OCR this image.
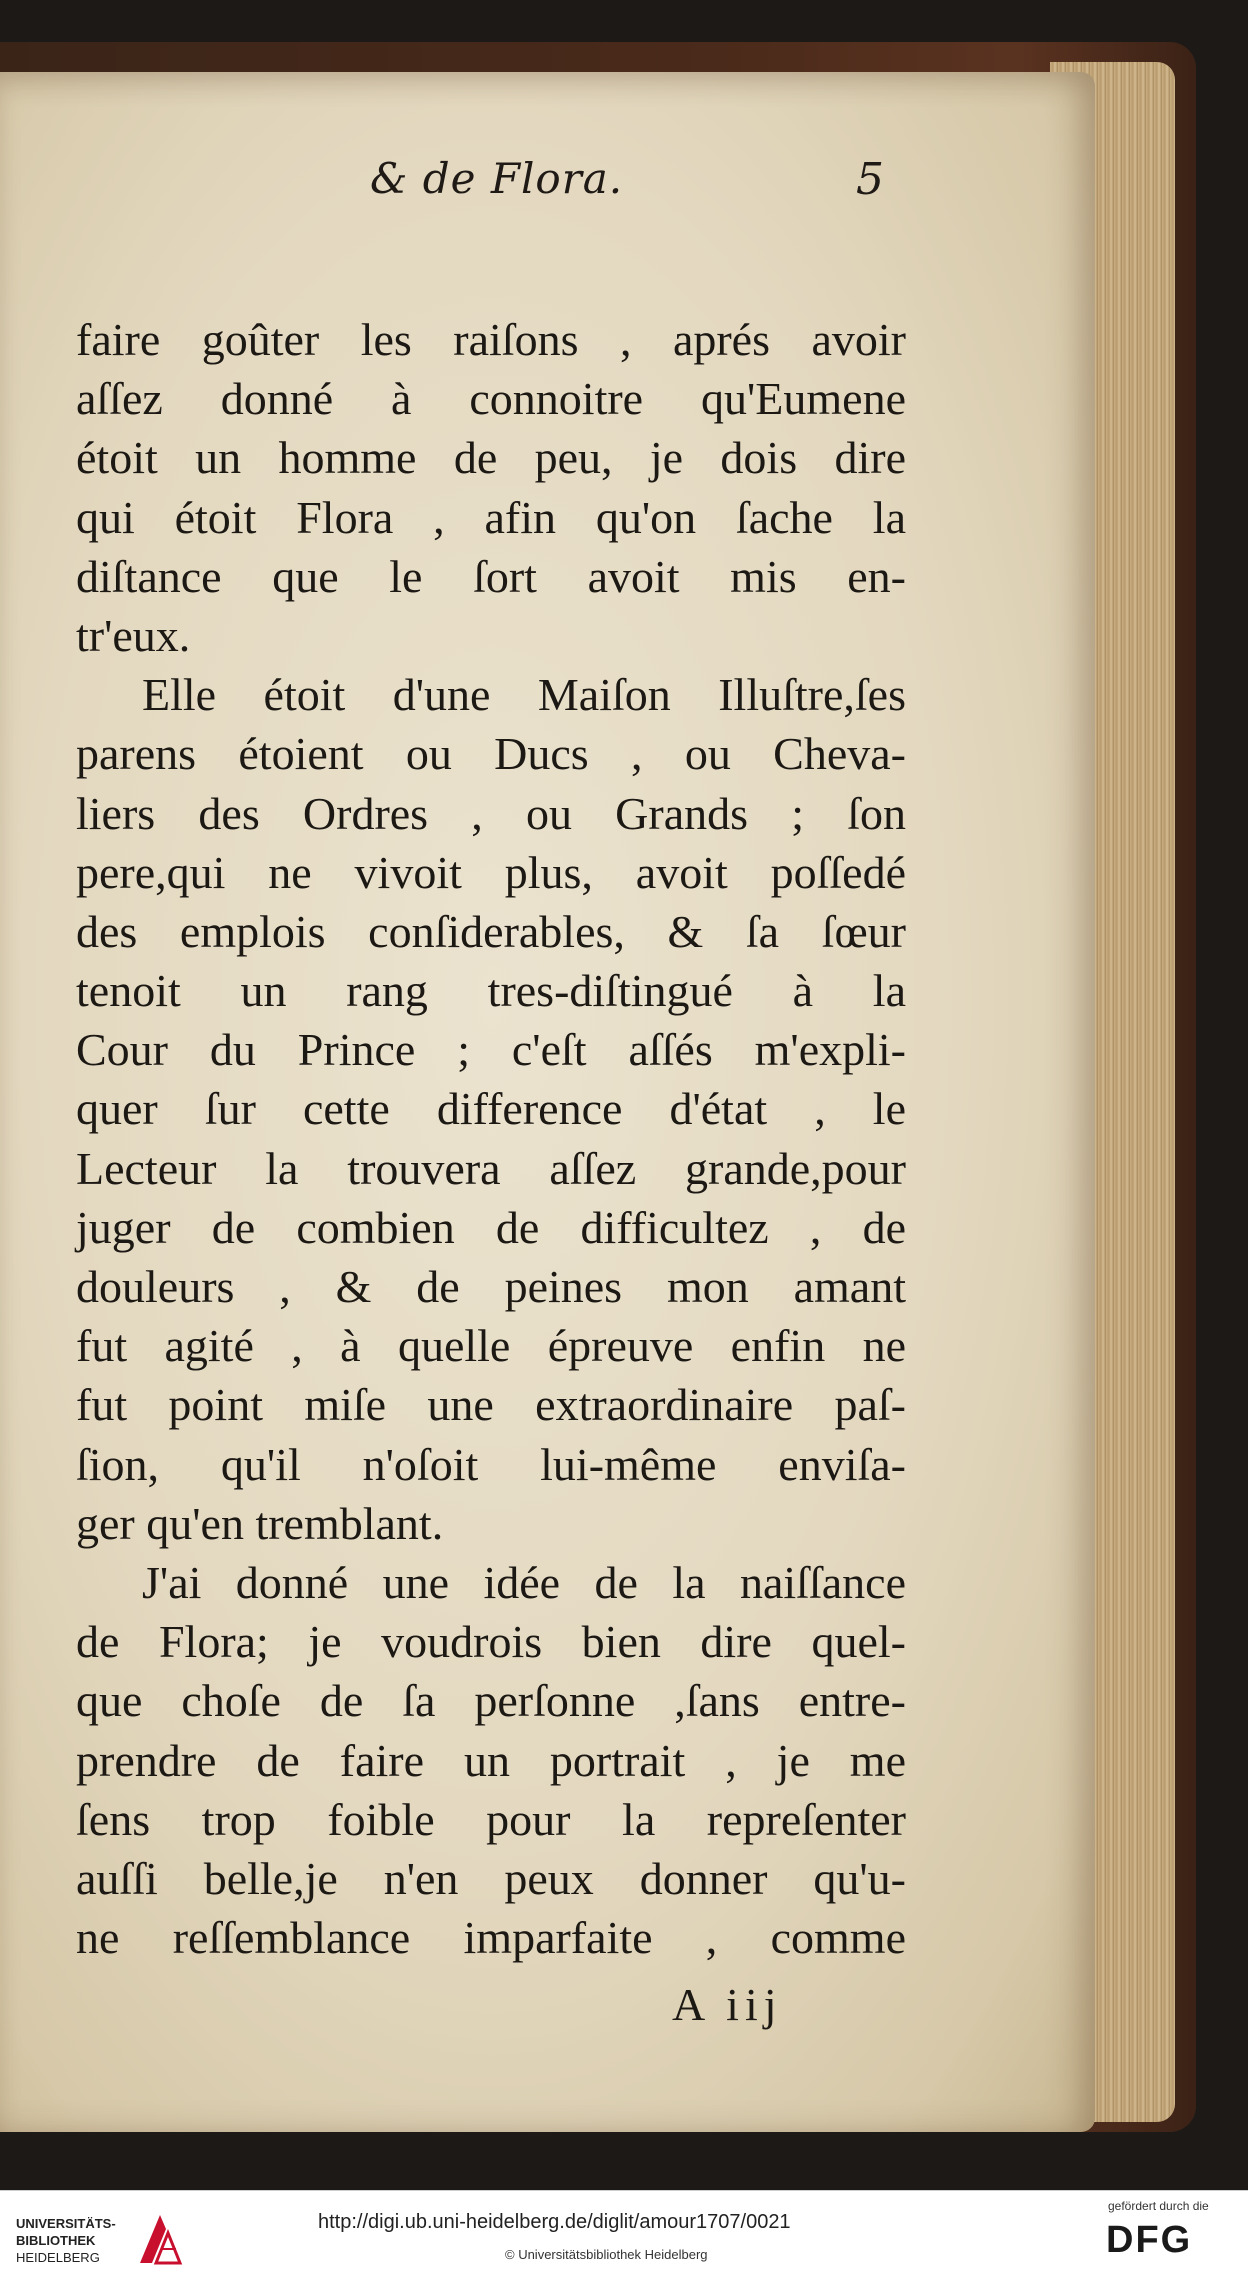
& de Flora.	5
faire goûter les raiſons , aprés avoir
aſſez donné à connoitre qu'Eumene
étoit un homme de peu, je dois dire
qui étoit Flora , afin qu'on ſache la
diſtance que le ſort avoit mis en-
tr'eux.
Elle étoit d'une Maiſon Illuſtre,ſes
parens étoient ou Ducs , ou Cheva-
liers des Ordres , ou Grands ; ſon
pere,qui ne vivoit plus, avoit poſſedé
des emplois conſiderables, & ſa ſœur
tenoit un rang tres-diſtingué à la
Cour du Prince ; c'eſt aſſés m'expli-
quer ſur cette difference d'état , le
Lecteur la trouvera aſſez grande,pour
juger de combien de difficultez , de
douleurs , & de peines mon amant
fut agité , à quelle épreuve enfin ne
fut point miſe une extraordinaire paſ-
ſion, qu'il n'oſoit lui-même enviſa-
ger qu'en tremblant.
J'ai donné une idée de la naiſſance
de Flora; je voudrois bien dire quel-
que choſe de ſa perſonne ,ſans entre-
prendre de faire un portrait , je me
ſens trop foible pour la repreſenter
auſſi belle,je n'en peux donner qu'u-
ne reſſemblance imparfaite , comme
A iij
UNIVERSITÄTS-
BIBLIOTHEK
HEIDELBERG
http://digi.ub.uni-heidelberg.de/diglit/amour1707/0021
© Universitätsbibliothek Heidelberg
gefördert durch die
DFG
